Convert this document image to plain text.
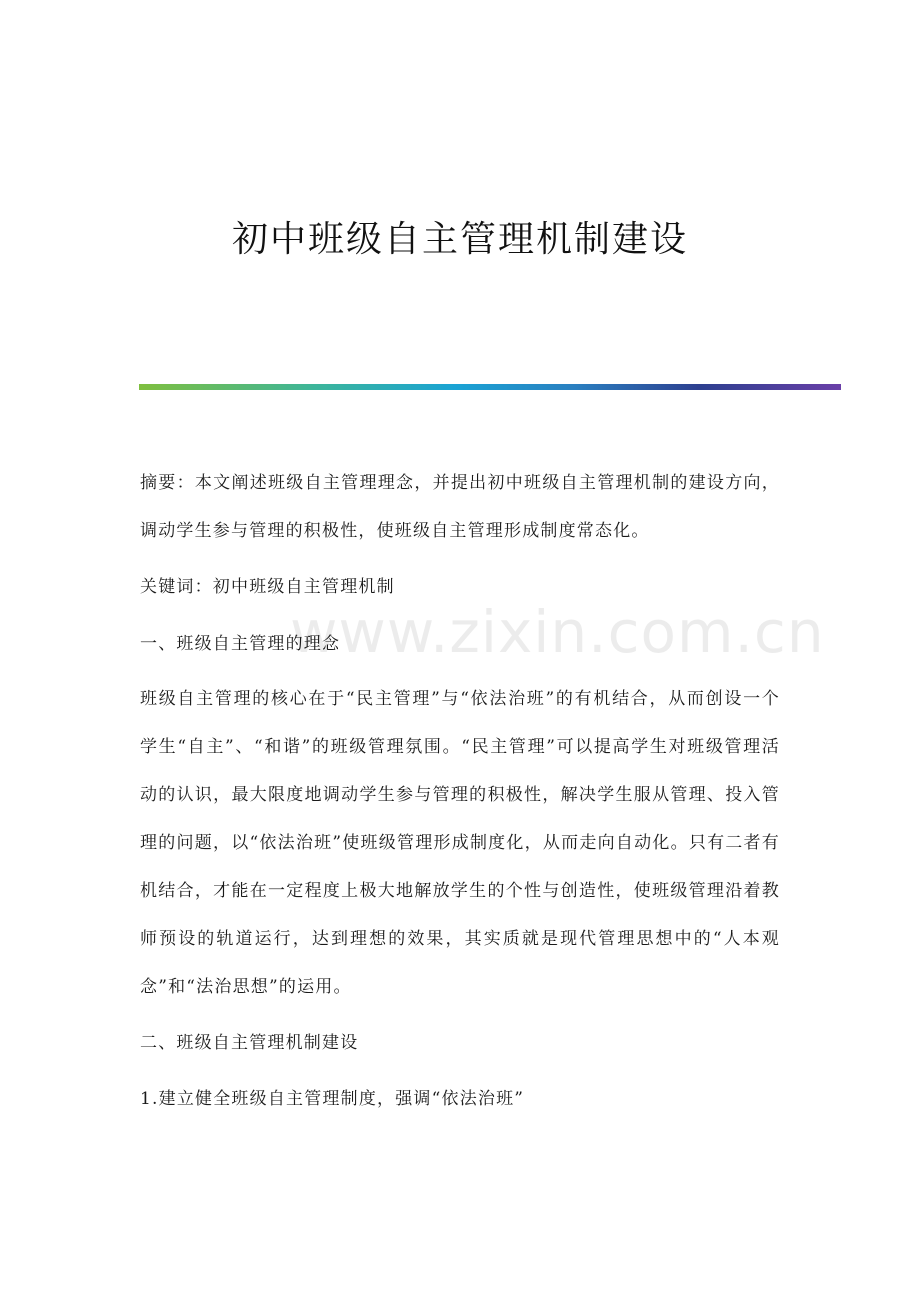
初中班级自主管理机制建设
www.zixin.com.cn

摘要：本文阐述班级自主管理理念，并提出初中班级自主管理机制的建设方向，调动学生参与管理的积极性，使班级自主管理形成制度常态化。

关键词：初中班级自主管理机制

一、班级自主管理的理念

班级自主管理的核心在于“民主管理”与“依法治班”的有机结合，从而创设一个学生“自主”、“和谐”的班级管理氛围。“民主管理”可以提高学生对班级管理活动的认识，最大限度地调动学生参与管理的积极性，解决学生服从管理、投入管理的问题，以“依法治班”使班级管理形成制度化，从而走向自动化。只有二者有机结合，才能在一定程度上极大地解放学生的个性与创造性，使班级管理沿着教师预设的轨道运行，达到理想的效果，其实质就是现代管理思想中的“人本观念”和“法治思想”的运用。

二、班级自主管理机制建设

1.建立健全班级自主管理制度，强调“依法治班”
